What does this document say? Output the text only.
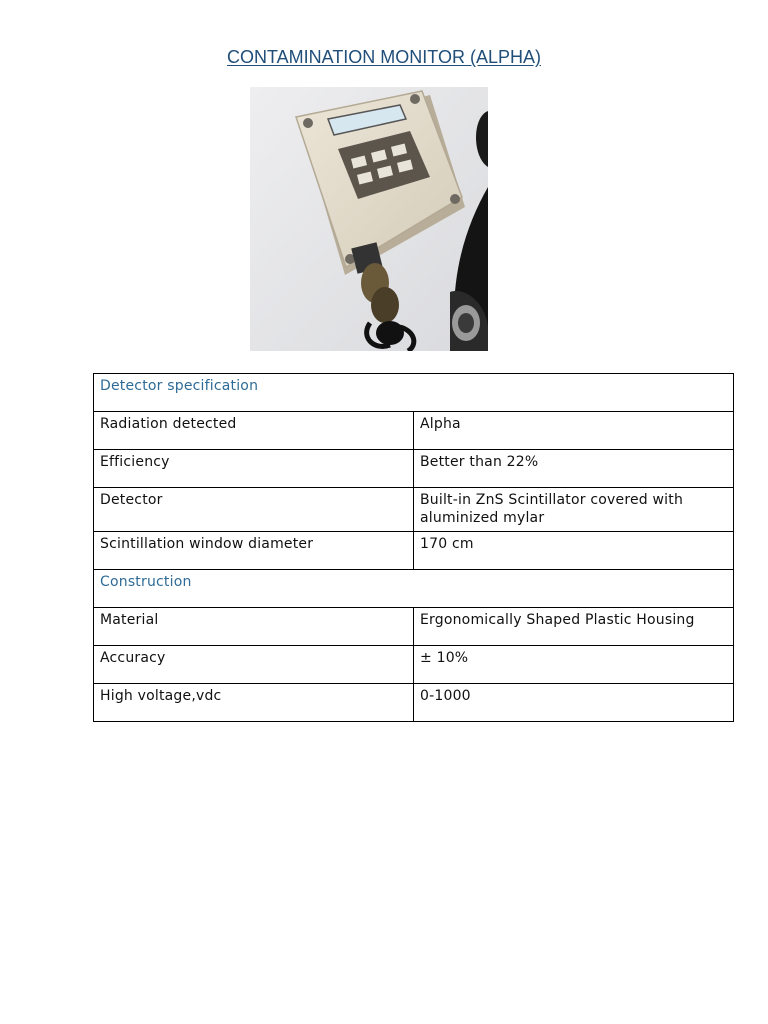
CONTAMINATION MONITOR (ALPHA)
Detector specification	
Radiation detected	Alpha
Efficiency	Better than 22%
Detector	Built-in ZnS Scintillator covered with aluminized mylar
Scintillation window diameter	170 cm
Construction	
Material	Ergonomically Shaped Plastic Housing
Accuracy	± 10%
High voltage,vdc	0-1000
